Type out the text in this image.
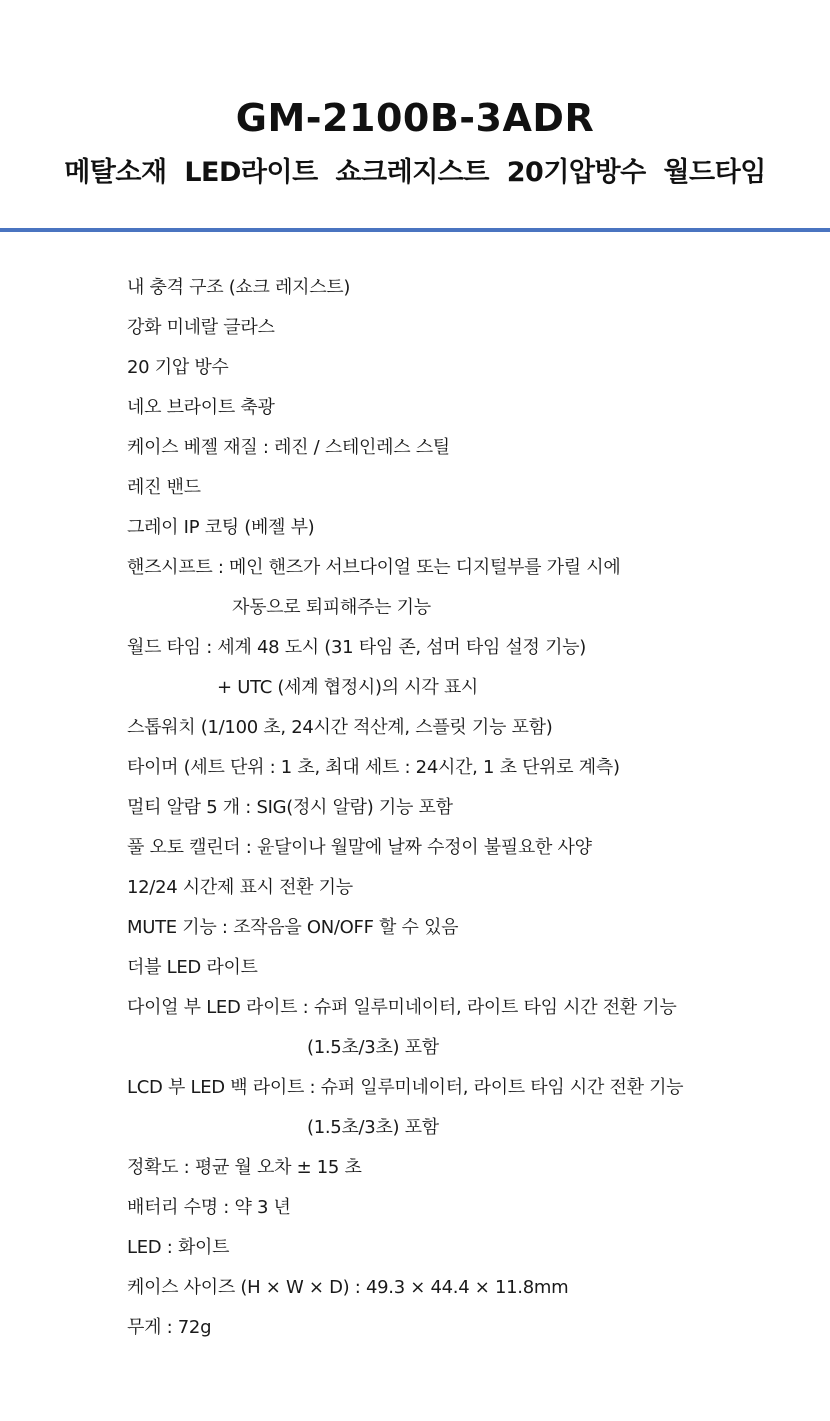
GM-2100B-3ADR
메탈소재  LED라이트  쇼크레지스트  20기압방수  월드타임
내 충격 구조 (쇼크 레지스트)
강화 미네랄 글라스
20 기압 방수
네오 브라이트 축광
케이스 베젤 재질 : 레진 / 스테인레스 스틸
레진 밴드
그레이 IP 코팅 (베젤 부)
핸즈시프트 : 메인 핸즈가 서브다이얼 또는 디지털부를 가릴 시에
자동으로 퇴피해주는 기능
월드 타임 : 세계 48 도시 (31 타임 존, 섬머 타임 설정 기능)
+ UTC (세계 협정시)의 시각 표시
스톱워치 (1/100 초, 24시간 적산계, 스플릿 기능 포함)
타이머 (세트 단위 : 1 초, 최대 세트 : 24시간, 1 초 단위로 계측)
멀티 알람 5 개 : SIG(정시 알람) 기능 포함
풀 오토 캘린더 : 윤달이나 월말에 날짜 수정이 불필요한 사양
12/24 시간제 표시 전환 기능
MUTE 기능 : 조작음을 ON/OFF 할 수 있음
더블 LED 라이트
다이얼 부 LED 라이트 : 슈퍼 일루미네이터, 라이트 타임 시간 전환 기능
(1.5초/3초) 포함
LCD 부 LED 백 라이트 : 슈퍼 일루미네이터, 라이트 타임 시간 전환 기능
(1.5초/3초) 포함
정확도 : 평균 월 오차 ± 15 초
배터리 수명 : 약 3 년
LED : 화이트
케이스 사이즈 (H × W × D) : 49.3 × 44.4 × 11.8mm
무게 : 72g
